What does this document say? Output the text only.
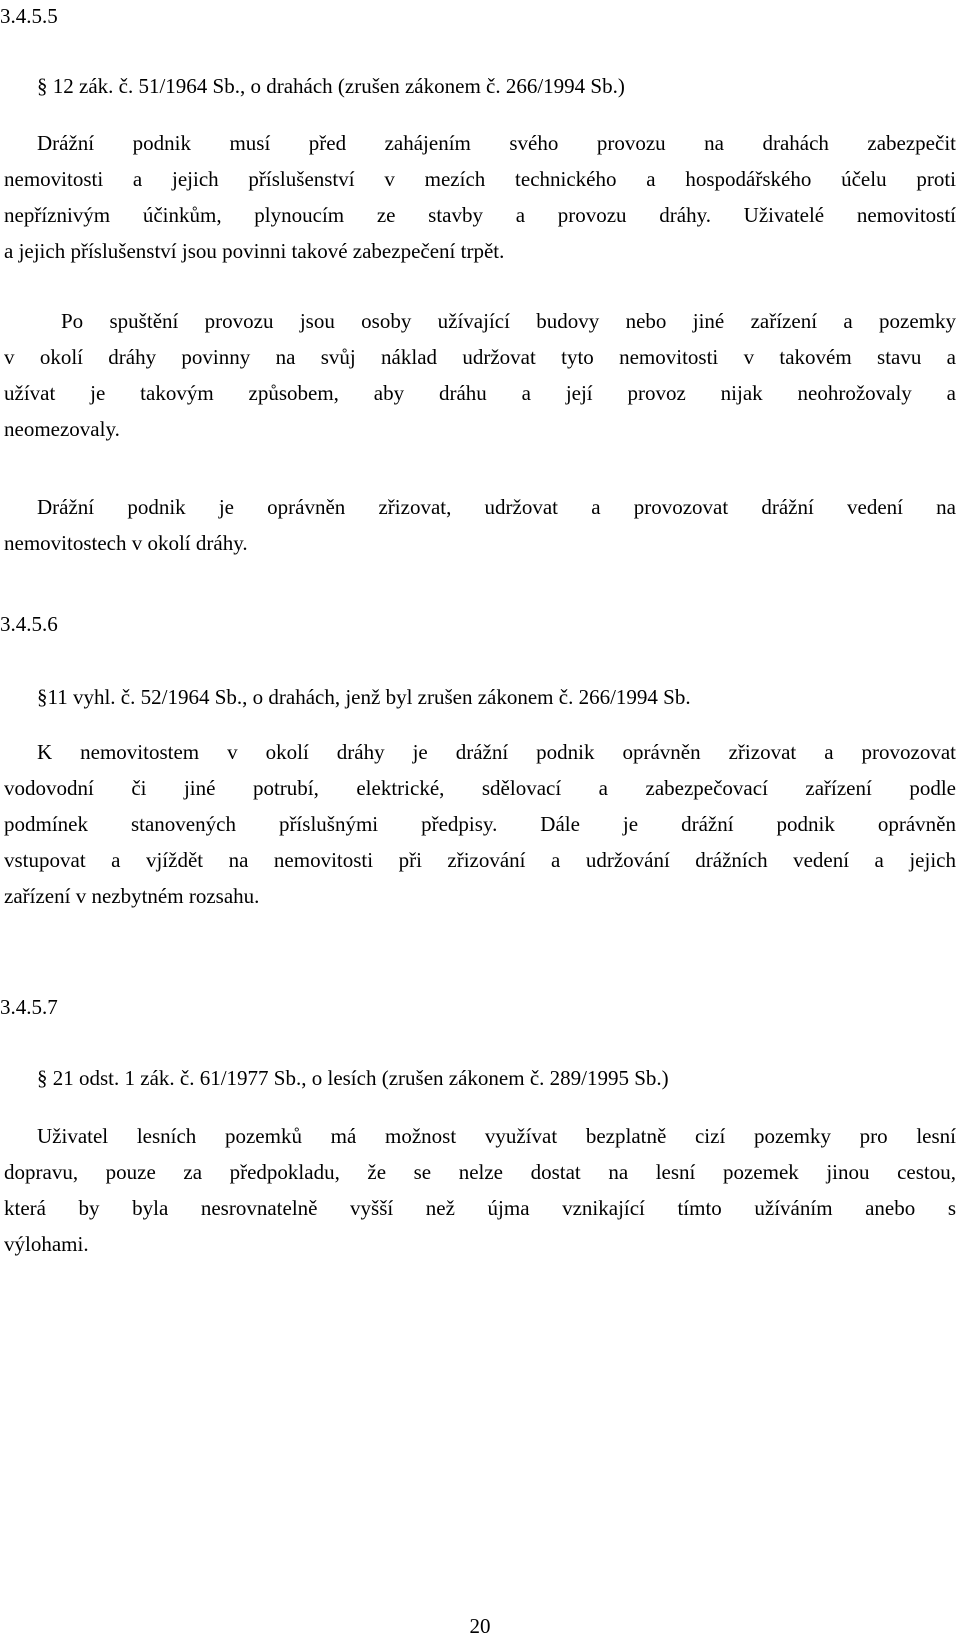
3.4.5.5
§ 12 zák. č. 51/1964 Sb., o drahách (zrušen zákonem č. 266/1994 Sb.)
Drážní podnik musí před zahájením svého provozu na drahách zabezpečit
nemovitosti a jejich příslušenství v mezích technického a hospodářského účelu proti
nepříznivým účinkům, plynoucím ze stavby a provozu dráhy. Uživatelé nemovitostí
a jejich příslušenství jsou povinni takové zabezpečení trpět.
Po spuštění provozu jsou osoby užívající budovy nebo jiné zařízení a pozemky
v okolí dráhy povinny na svůj náklad udržovat tyto nemovitosti v takovém stavu a
užívat je takovým způsobem, aby dráhu a její provoz nijak neohrožovaly a
neomezovaly.
Drážní podnik je oprávněn zřizovat, udržovat a provozovat drážní vedení na
nemovitostech v okolí dráhy.
3.4.5.6
§11 vyhl. č. 52/1964 Sb., o drahách, jenž byl zrušen zákonem č. 266/1994 Sb.
K nemovitostem v okolí dráhy je drážní podnik oprávněn zřizovat a provozovat
vodovodní či jiné potrubí, elektrické, sdělovací a zabezpečovací zařízení podle
podmínek stanovených příslušnými předpisy. Dále je drážní podnik oprávněn
vstupovat a vjíždět na nemovitosti při zřizování a udržování drážních vedení a jejich
zařízení v nezbytném rozsahu.
3.4.5.7
§ 21 odst. 1 zák. č. 61/1977 Sb., o lesích (zrušen zákonem č. 289/1995 Sb.)
Uživatel lesních pozemků má možnost využívat bezplatně cizí pozemky pro lesní
dopravu, pouze za předpokladu, že se nelze dostat na lesní pozemek jinou cestou,
která by byla nesrovnatelně vyšší než újma vznikající tímto užíváním anebo s
výlohami.
20
